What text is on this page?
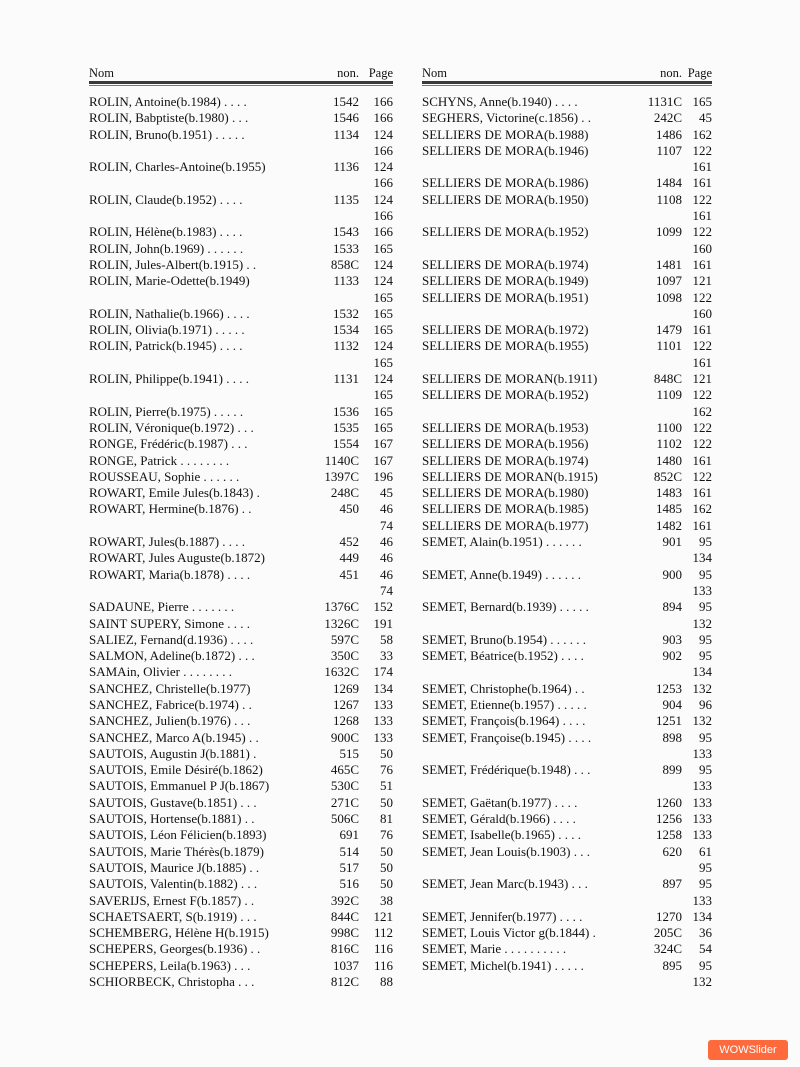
Nom	non. Page
ROLIN, Antoine(b.1984) . . . .	1542	166
ROLIN, Babptiste(b.1980) . . .	1546	166
ROLIN, Bruno(b.1951) . . . . .	1134	124
166
ROLIN, Charles-Antoine(b.1955)	1136	124
166
ROLIN, Claude(b.1952) . . . .	1135	124
166
ROLIN, Hélène(b.1983) . . . .	1543	166
ROLIN, John(b.1969) . . . . . .	1533	165
ROLIN, Jules-Albert(b.1915) . .	858C	124
ROLIN, Marie-Odette(b.1949)	1133	124
165
ROLIN, Nathalie(b.1966) . . . .	1532	165
ROLIN, Olivia(b.1971) . . . . .	1534	165
ROLIN, Patrick(b.1945) . . . .	1132	124
165
ROLIN, Philippe(b.1941) . . . .	1131	124
165
ROLIN, Pierre(b.1975) . . . . .	1536	165
ROLIN, Véronique(b.1972) . . .	1535	165
RONGE, Frédéric(b.1987) . . .	1554	167
RONGE, Patrick . . . . . . . .	1140C	167
ROUSSEAU, Sophie . . . . . .	1397C	196
ROWART, Emile Jules(b.1843) .	248C	45
ROWART, Hermine(b.1876) . .	450	46
74
ROWART, Jules(b.1887) . . . .	452	46
ROWART, Jules Auguste(b.1872)	449	46
ROWART, Maria(b.1878) . . . .	451	46
74
SADAUNE, Pierre . . . . . . .	1376C	152
SAINT SUPERY, Simone . . . .	1326C	191
SALIEZ, Fernand(d.1936) . . . .	597C	58
SALMON, Adeline(b.1872) . . .	350C	33
SAMAin, Olivier . . . . . . . .	1632C	174
SANCHEZ, Christelle(b.1977)	1269	134
SANCHEZ, Fabrice(b.1974) . .	1267	133
SANCHEZ, Julien(b.1976) . . .	1268	133
SANCHEZ, Marco A(b.1945) . .	900C	133
SAUTOIS, Augustin J(b.1881) .	515	50
SAUTOIS, Emile Désiré(b.1862)	465C	76
SAUTOIS, Emmanuel P J(b.1867)	530C	51
SAUTOIS, Gustave(b.1851) . . .	271C	50
SAUTOIS, Hortense(b.1881) . .	506C	81
SAUTOIS, Léon Félicien(b.1893)	691	76
SAUTOIS, Marie Thérès(b.1879)	514	50
SAUTOIS, Maurice J(b.1885) . .	517	50
SAUTOIS, Valentin(b.1882) . . .	516	50
SAVERIJS, Ernest F(b.1857) . .	392C	38
SCHAETSAERT, S(b.1919) . . .	844C	121
SCHEMBERG, Hélène H(b.1915)	998C	112
SCHEPERS, Georges(b.1936) . .	816C	116
SCHEPERS, Leila(b.1963) . . .	1037	116
SCHIORBECK, Christopha . . .	812C	88
Nom	non. Page
SCHYNS, Anne(b.1940) . . . .	1131C 165
SEGHERS, Victorine(c.1856) . .	242C	45
SELLIERS DE MORA(b.1988)	1486 162
SELLIERS DE MORA(b.1946)	1107 122
161
SELLIERS DE MORA(b.1986)	1484 161
SELLIERS DE MORA(b.1950)	1108 122
161
SELLIERS DE MORA(b.1952)	1099 122
160
SELLIERS DE MORA(b.1974)	1481 161
SELLIERS DE MORA(b.1949)	1097 121
SELLIERS DE MORA(b.1951)	1098 122
160
SELLIERS DE MORA(b.1972)	1479 161
SELLIERS DE MORA(b.1955)	1101 122
161
SELLIERS DE MORAN(b.1911)	848C 121
SELLIERS DE MORA(b.1952)	1109 122
162
SELLIERS DE MORA(b.1953)	1100 122
SELLIERS DE MORA(b.1956)	1102 122
SELLIERS DE MORA(b.1974)	1480 161
SELLIERS DE MORAN(b.1915)	852C 122
SELLIERS DE MORA(b.1980)	1483 161
SELLIERS DE MORA(b.1985)	1485 162
SELLIERS DE MORA(b.1977)	1482 161
SEMET, Alain(b.1951) . . . . . .	901	95
134
SEMET, Anne(b.1949) . . . . . .	900	95
133
SEMET, Bernard(b.1939) . . . . .	894	95
132
SEMET, Bruno(b.1954) . . . . . .	903	95
SEMET, Béatrice(b.1952) . . . .	902	95
134
SEMET, Christophe(b.1964) . .	1253 132
SEMET, Etienne(b.1957) . . . . .	904	96
SEMET, François(b.1964) . . . .	1251 132
SEMET, Françoise(b.1945) . . . .	898	95
133
SEMET, Frédérique(b.1948) . . .	899	95
133
SEMET, Gaëtan(b.1977) . . . .	1260 133
SEMET, Gérald(b.1966) . . . .	1256 133
SEMET, Isabelle(b.1965) . . . .	1258 133
SEMET, Jean Louis(b.1903) . . .	620	61
95
SEMET, Jean Marc(b.1943) . . .	897	95
133
SEMET, Jennifer(b.1977) . . . .	1270 134
SEMET, Louis Victor g(b.1844) .	205C	36
SEMET, Marie . . . . . . . . . .	324C	54
SEMET, Michel(b.1941) . . . . .	895	95
132
WOWSlider
